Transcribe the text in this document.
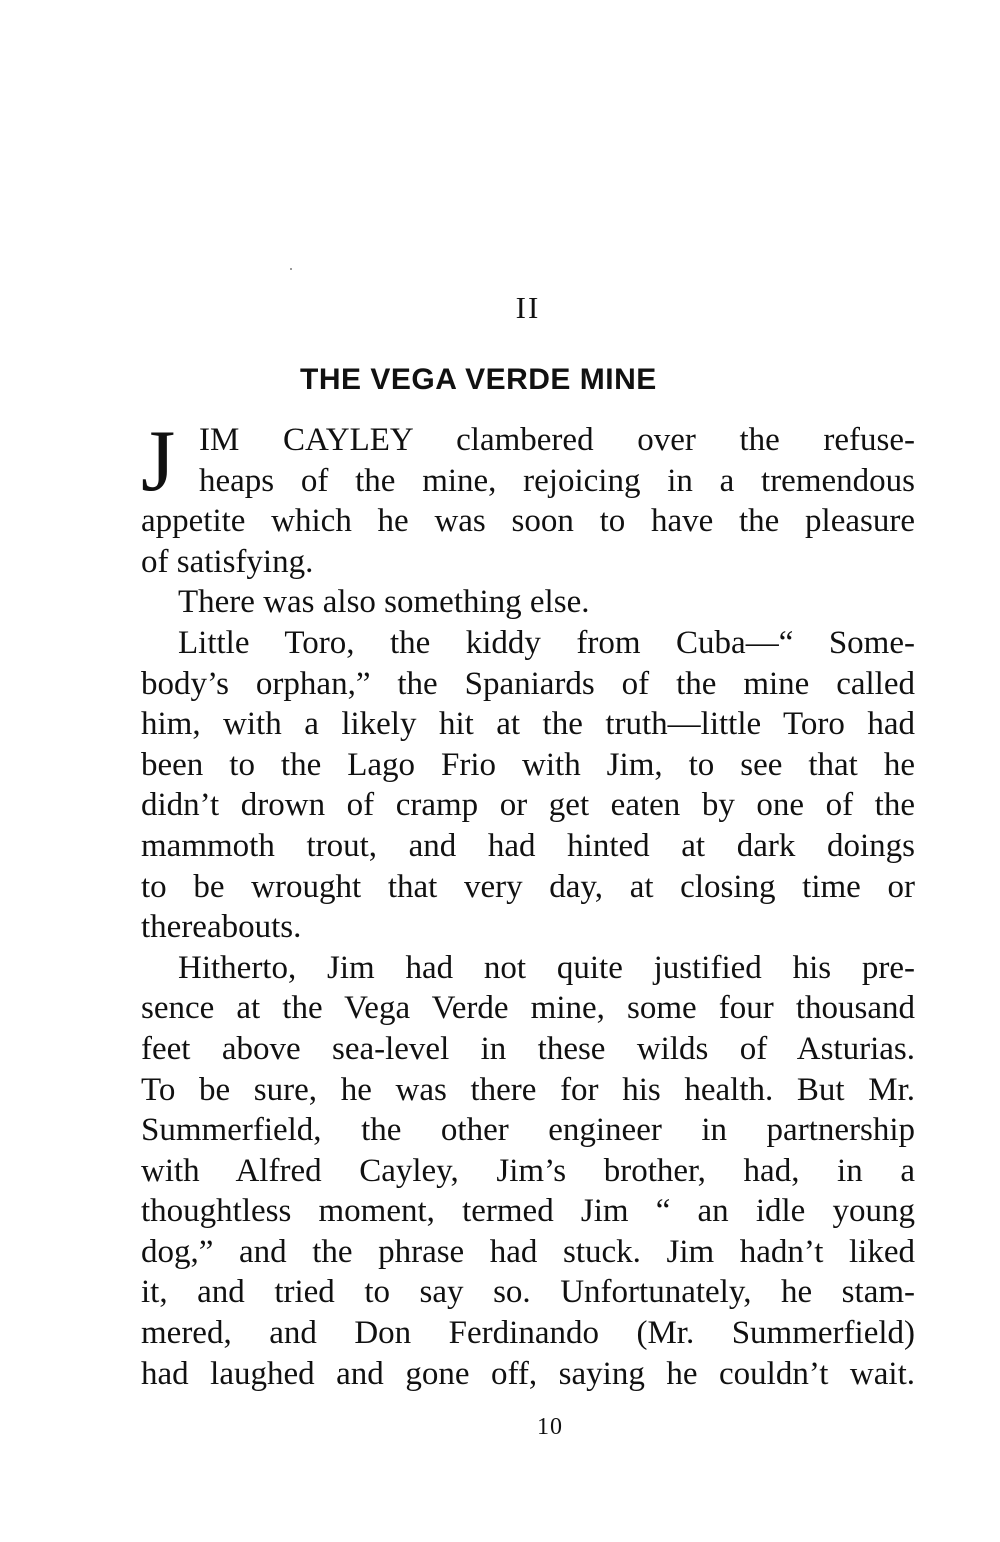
II
THE VEGA VERDE MINE
J IM CAYLEY clambered over the refuse-
heaps of the mine, rejoicing in a tremendous
appetite which he was soon to have the pleasure
of satisfying.
There was also something else.
Little Toro, the kiddy from Cuba—“ Some-
body’s orphan,” the Spaniards of the mine called
him, with a likely hit at the truth—little Toro had
been to the Lago Frio with Jim, to see that he
didn’t drown of cramp or get eaten by one of the
mammoth trout, and had hinted at dark doings
to be wrought that very day, at closing time or
thereabouts.
Hitherto, Jim had not quite justified his pre-
sence at the Vega Verde mine, some four thousand
feet above sea-level in these wilds of Asturias.
To be sure, he was there for his health. But Mr.
Summerfield, the other engineer in partnership
with Alfred Cayley, Jim’s brother, had, in a
thoughtless moment, termed Jim “ an idle young
dog,” and the phrase had stuck. Jim hadn’t liked
it, and tried to say so. Unfortunately, he stam-
mered, and Don Ferdinando (Mr. Summerfield)
had laughed and gone off, saying he couldn’t wait.
10
